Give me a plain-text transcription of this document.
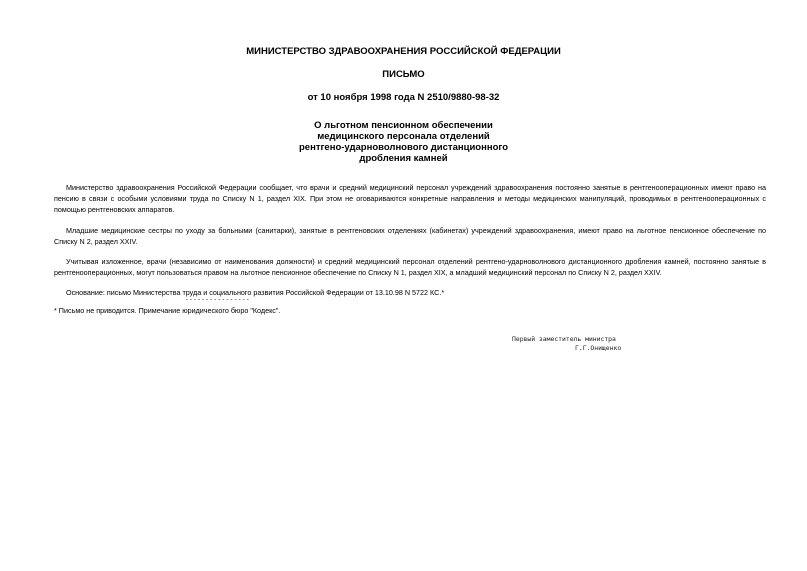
МИНИСТЕРСТВО ЗДРАВООХРАНЕНИЯ РОССИЙСКОЙ ФЕДЕРАЦИИ
ПИСЬМО
от 10 ноября 1998 года N 2510/9880-98-32
О льготном пенсионном обеспечении
медицинского персонала отделений
рентгено-ударноволнового дистанционного
дробления камней
Министерство здравоохранения Российской Федерации сообщает, что врачи и средний медицинский персонал учреждений здравоохранения постоянно занятые в рентгеноoперационных имеют право на пенсию в связи с особыми условиями труда по Списку N 1, раздел XIX. При этом не оговариваются конкретные направления и методы медицинских манипуляций, проводимых в рентгеноoперационных с помощью рентгеновских аппаратов.
Младшие медицинские сестры по уходу за больными (санитарки), занятые в рентгеновских отделениях (кабинетах) учреждений здравоохранения, имеют право на льготное пенсионное обеспечение по Списку N 2, раздел XXIV.
Учитывая изложенное, врачи (независимо от наименования должности) и средний медицинский персонал отделений рентгено-ударноволнового дистанционного дробления камней, постоянно занятые в рентгеноoперационных, могут пользоваться правом на льготное пенсионное обеспечение по Списку N 1, раздел XIX, а младший медицинский персонал по Списку N 2, раздел XXIV.
Основание: письмо Министерства труда и социального развития Российской Федерации от 13.10.98 N 5722 КС.*
----------------
* Письмо не приводится. Примечание юридического бюро "Кодекс".
Первый заместитель министра
Г.Г.Онищенко
